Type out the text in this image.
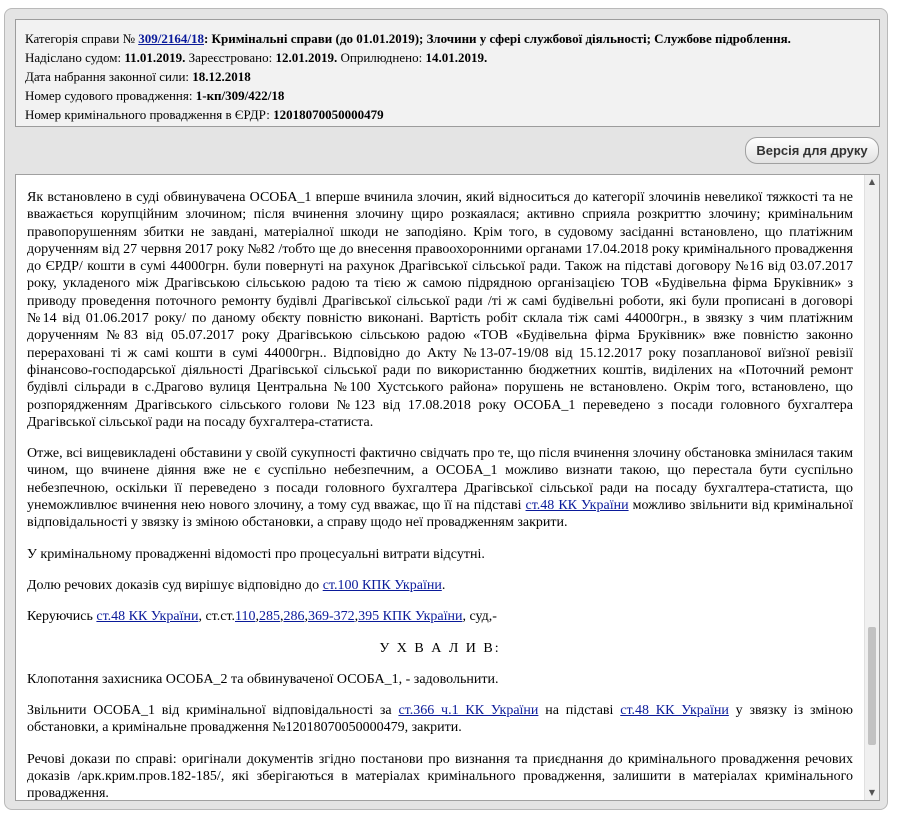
Категорія справи № 309/2164/18: Кримінальні справи (до 01.01.2019); Злочини у сфері службової діяльності; Службове підроблення.
Надіслано судом: 11.01.2019. Зареєстровано: 12.01.2019. Оприлюднено: 14.01.2019.
Дата набрання законної сили: 18.12.2018
Номер судового провадження: 1-кп/309/422/18
Номер кримінального провадження в ЄРДР: 12018070050000479
Версія для друку

Як встановлено в суді обвинувачена ОСОБА_1 вперше вчинила злочин, який відноситься до категорії злочинів невеликої тяжкості та не вважається корупційним злочином; після вчинення злочину щиро розкаялася; активно сприяла розкриттю злочину; кримінальним правопорушенням збитки не завдані, матеріалної шкоди не заподіяно. Крім того, в судовому засіданні встановлено, що платіжним дорученням від 27 червня 2017 року №82 /тобто ще до внесення правоохоронними органами 17.04.2018 року кримінального провадження до ЄРДР/ кошти в сумі 44000грн. були повернуті на рахунок Драгівської сільської ради. Також на підставі договору №16 від 03.07.2017 року, укладеного між Драгівською сільською радою та тією ж самою підрядною організацією ТОВ «Будівельна фірма Бруківник» з приводу проведення поточного ремонту будівлі Драгівської сільської ради /ті ж самі будівельні роботи, які були прописані в договорі №14 від 01.06.2017 року/ по даному обєкту повністю виконані. Вартість робіт склала тіж самі 44000грн., в звязку з чим платіжним дорученням №83 від 05.07.2017 року Драгівською сільською радою «ТОВ «Будівельна фірма Бруківник» вже повністю законно перераховані ті ж самі кошти в сумі 44000грн.. Відповідно до Акту №13-07-19/08 від 15.12.2017 року позапланової виїзної ревізії фінансово-господарської діяльності Драгівської сільської ради по використанню бюджетних коштів, виділених на «Поточний ремонт будівлі сільради в с.Драгово вулиця Центральна №100 Хустського района» порушень не встановлено. Окрім того, встановлено, що розпорядженням Драгівського сільського голови №123 від 17.08.2018 року ОСОБА_1 переведено з посади головного бухгалтера Драгівської сільської ради на посаду бухгалтера-статиста.

Отже, всі вищевикладені обставини у своїй сукупності фактично свідчать про те, що після вчинення злочину обстановка змінилася таким чином, що вчинене діяння вже не є суспільно небезпечним, а ОСОБА_1 можливо визнати такою, що перестала бути суспільно небезпечною, оскільки її переведено з посади головного бухгалтера Драгівської сільської ради на посаду бухгалтера-статиста, що унеможливлює вчинення нею нового злочину, а тому суд вважає, що її на підставі ст.48 КК України можливо звільнити від кримінальної відповідальності у звязку із зміною обстановки, а справу щодо неї провадженням закрити.

У кримінальному провадженні відомості про процесуальні витрати відсутні.

Долю речових доказів суд вирішує відповідно до ст.100 КПК України.

Керуючись ст.48 КК України, ст.ст.110,285,286,369-372,395 КПК України, суд,-

У Х В А Л И В:

Клопотання захисника ОСОБА_2 та обвинуваченої ОСОБА_1, - задовольнити.

Звільнити ОСОБА_1 від кримінальної відповідальності за ст.366 ч.1 КК України на підставі ст.48 КК України у звязку із зміною обстановки, а кримінальне провадження №12018070050000479, закрити.

Речові докази по справі: оригінали документів згідно постанови про визнання та приєднання до кримінального провадження речових доказів /арк.крим.пров.182-185/, які зберігаються в матеріалах кримінального провадження, залишити в матеріалах кримінального провадження.

▲
▼
